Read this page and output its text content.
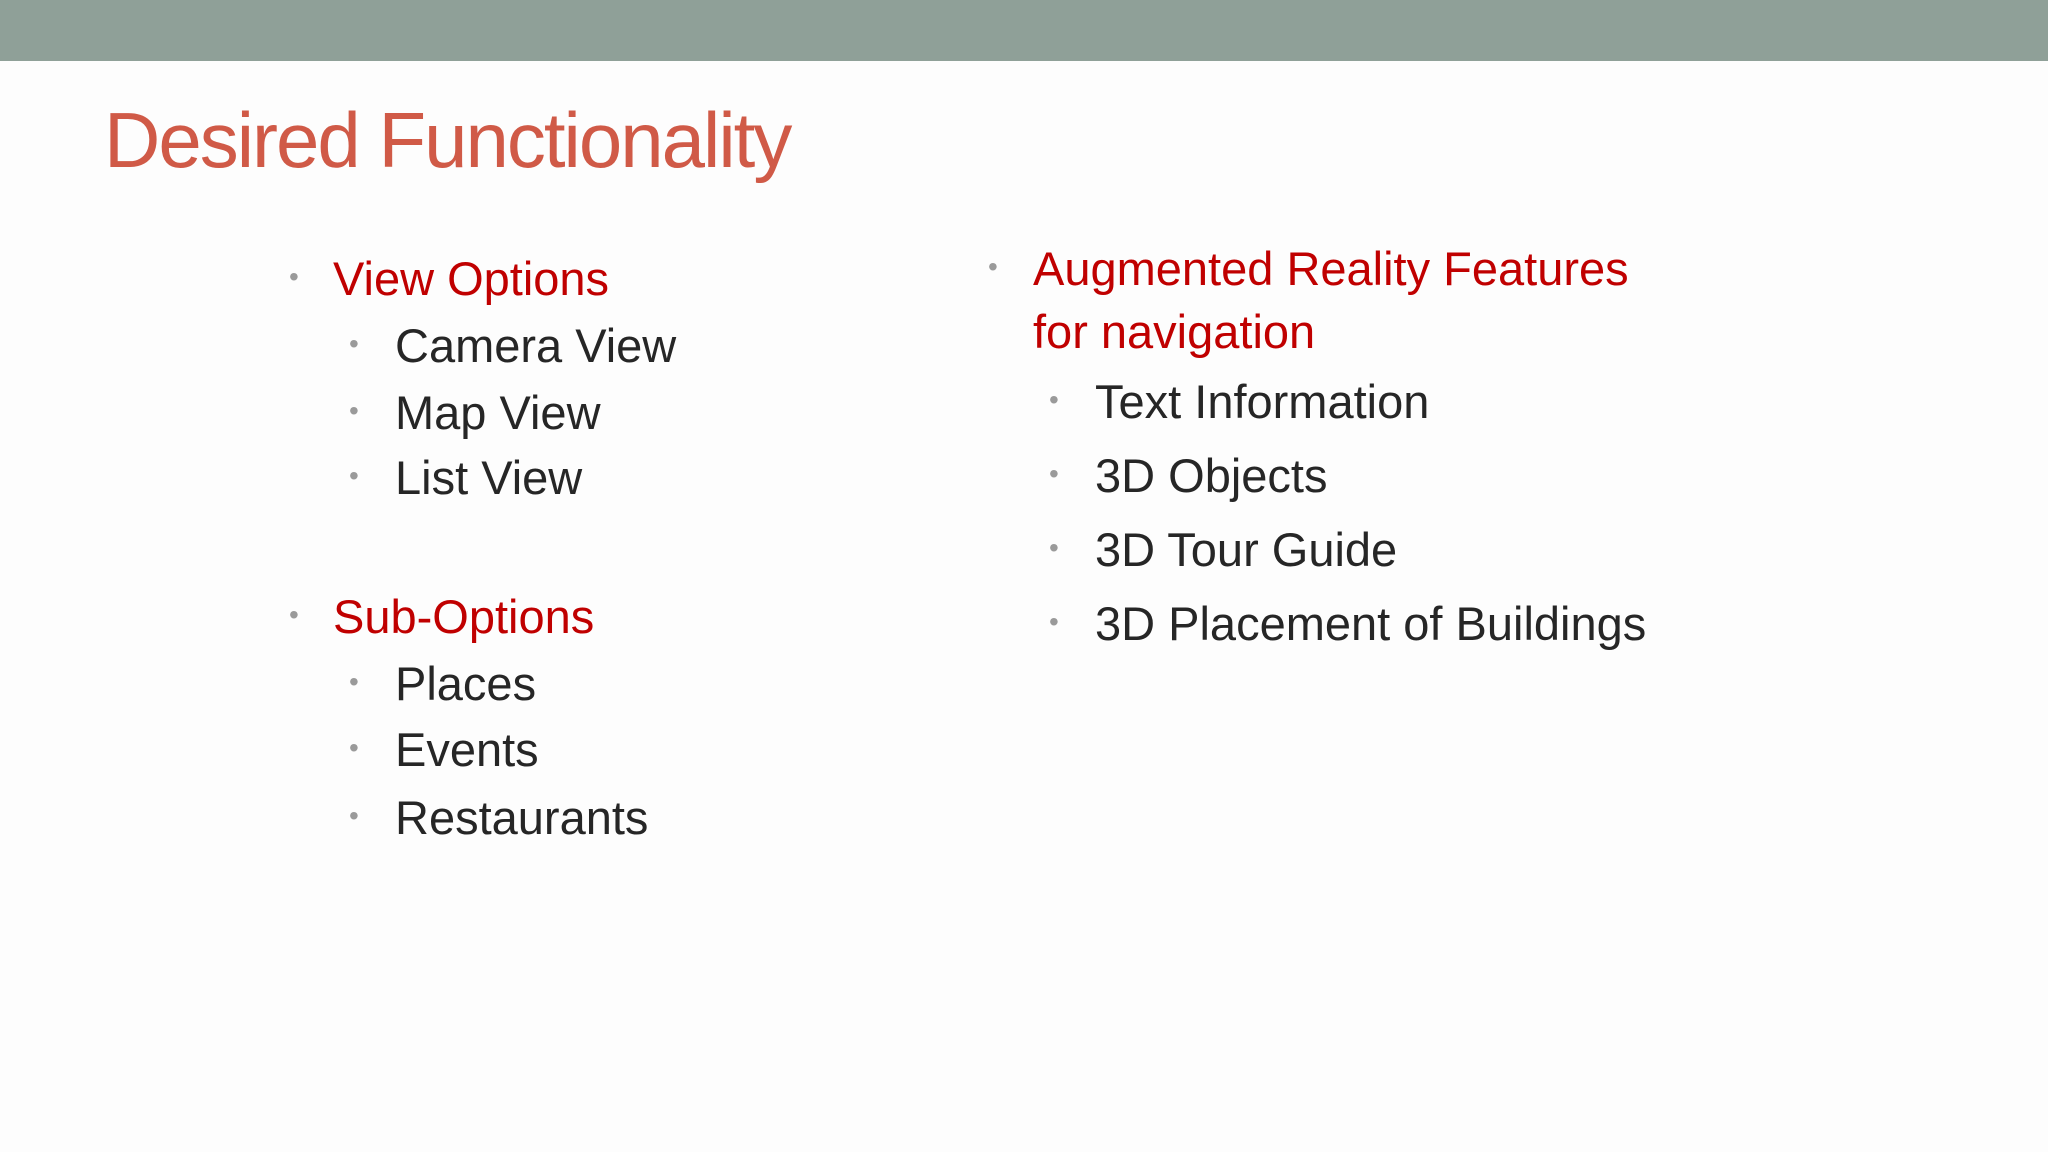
Desired Functionality
• View Options
• Camera View
• Map View
• List View
• Sub-Options
• Places
• Events
• Restaurants
• Augmented Reality Features
for navigation
• Text Information
• 3D Objects
• 3D Tour Guide
• 3D Placement of Buildings
